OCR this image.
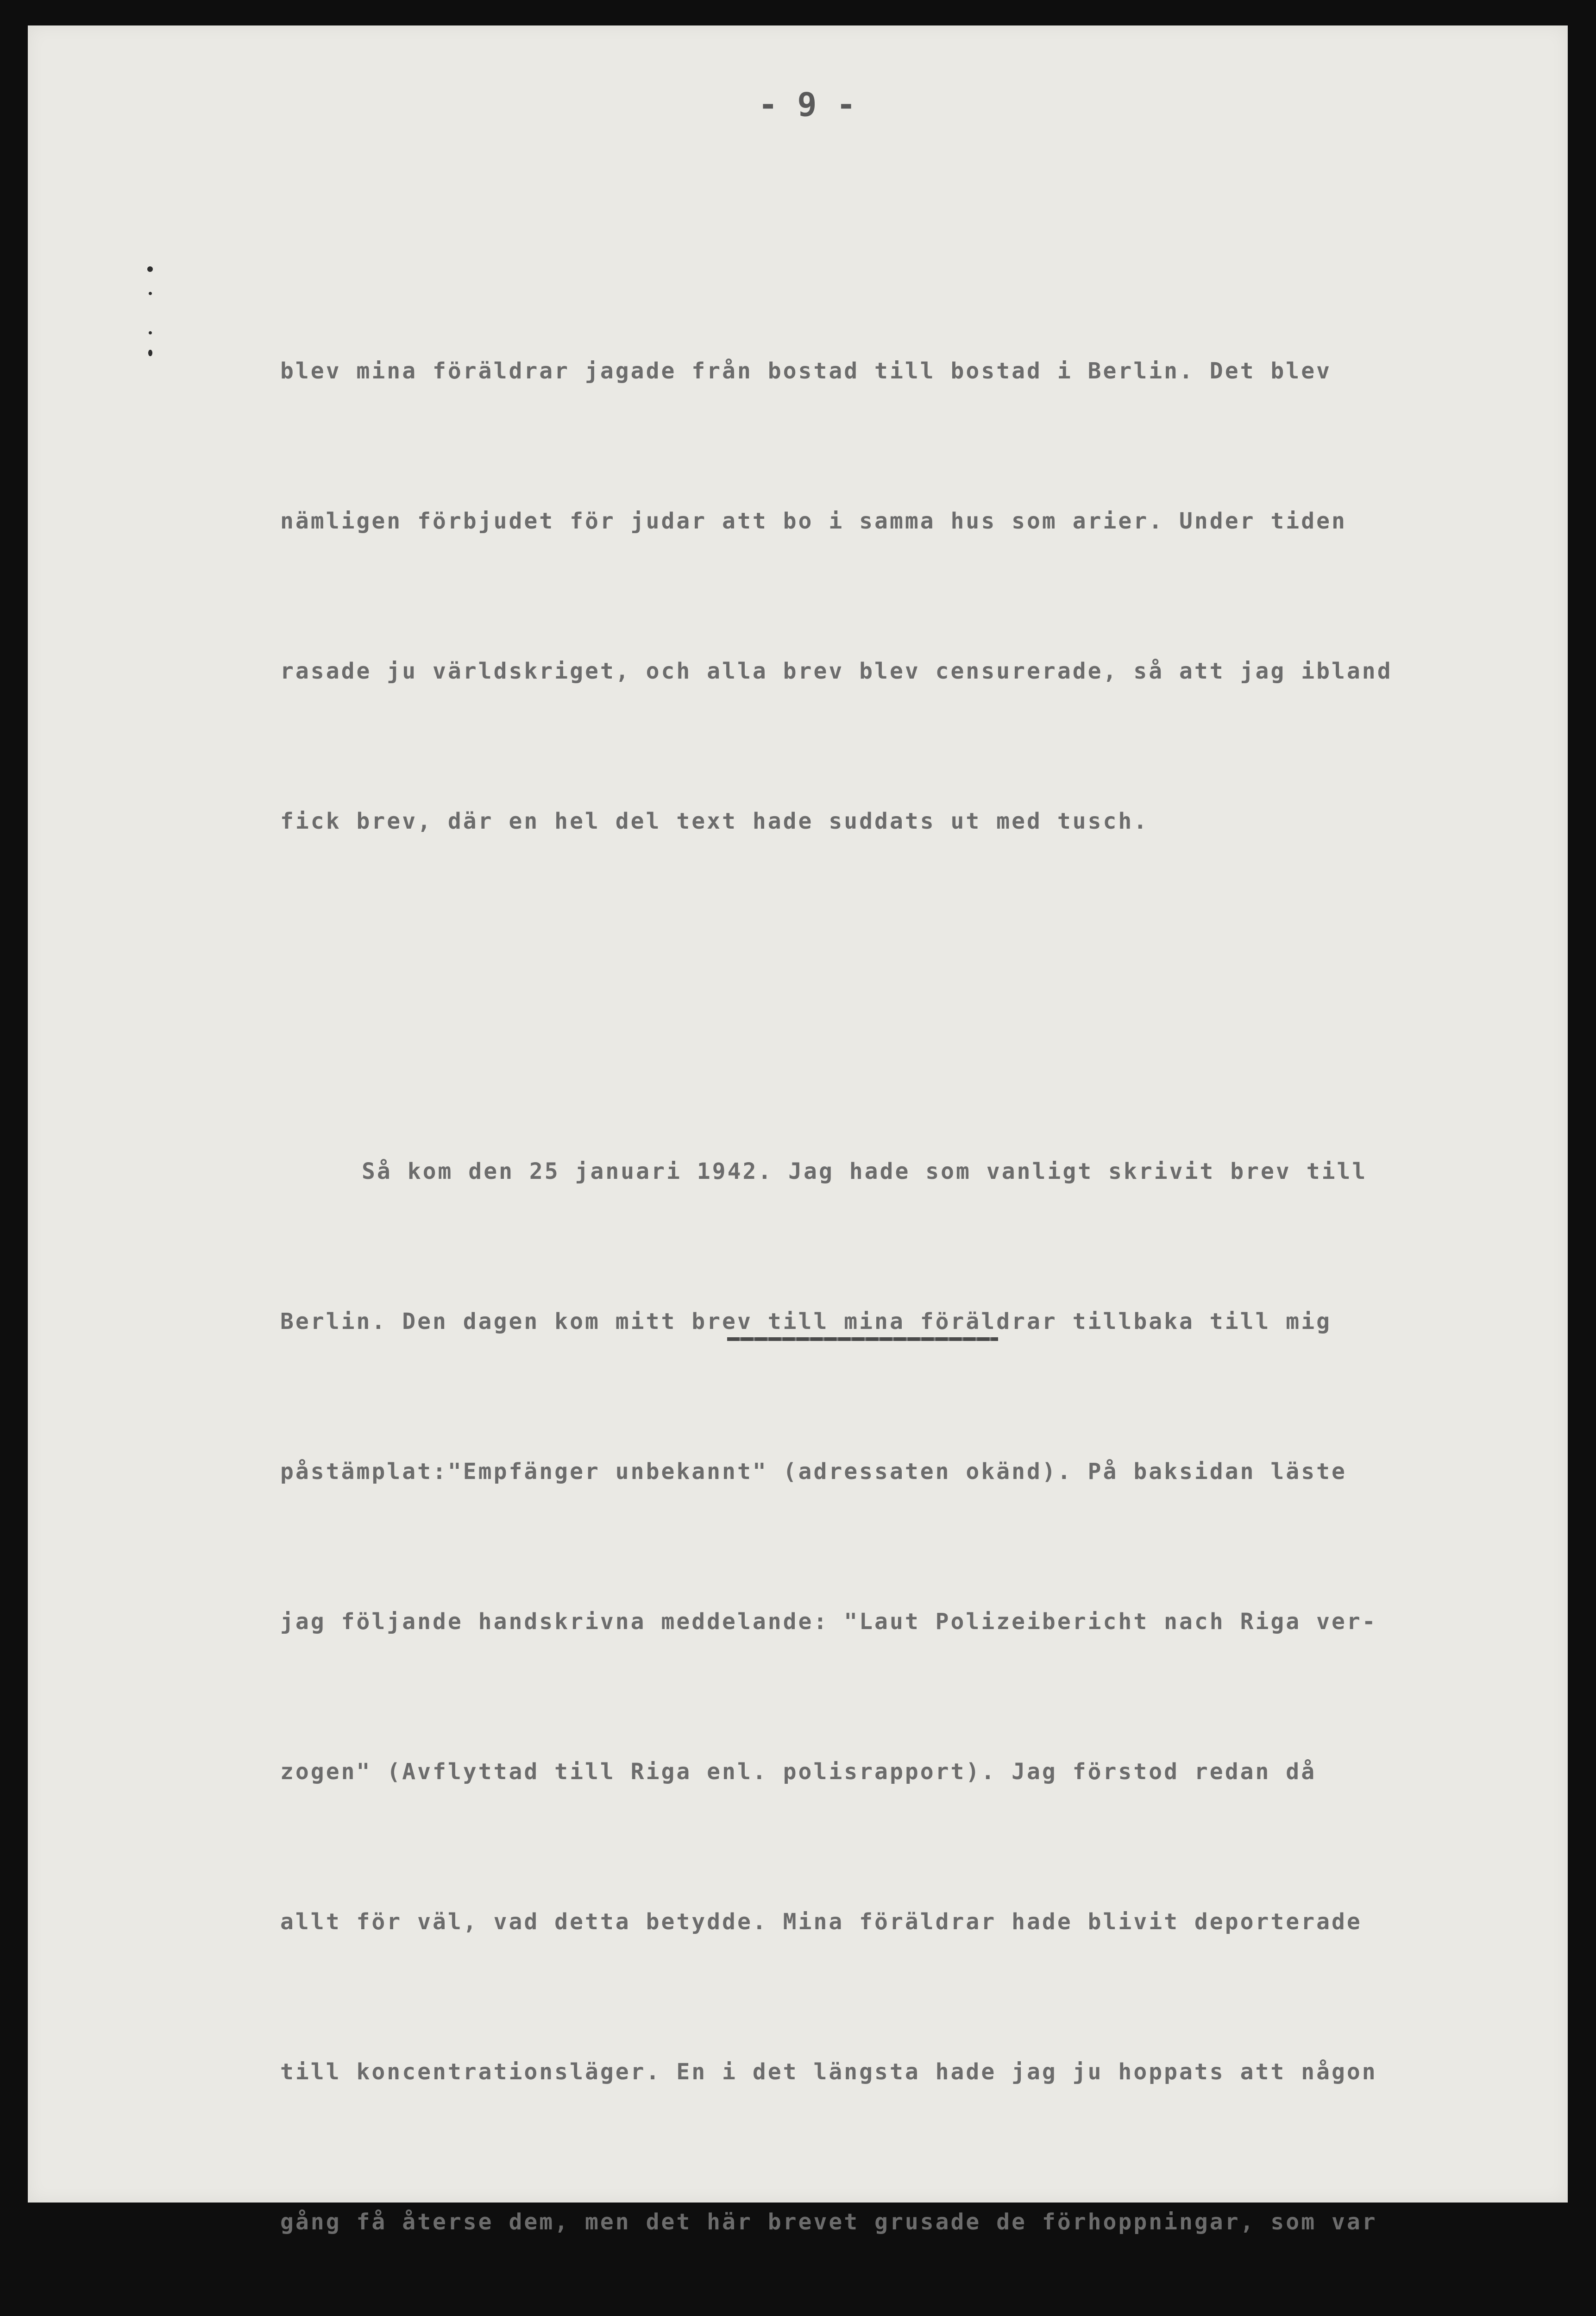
- 9 -

blev mina föräldrar jagade från bostad till bostad i Berlin. Det blev

nämligen förbjudet för judar att bo i samma hus som arier. Under tiden

rasade ju världskriget, och alla brev blev censurerade, så att jag ibland

fick brev, där en hel del text hade suddats ut med tusch.

Så kom den 25 januari 1942. Jag hade som vanligt skrivit brev till

Berlin. Den dagen kom mitt brev till mina föräldrar tillbaka till mig

påstämplat:"Empfänger unbekannt" (adressaten okänd). På baksidan läste

jag följande handskrivna meddelande: "Laut Polizeibericht nach Riga ver-

zogen" (Avflyttad till Riga enl. polisrapport). Jag förstod redan då

allt för väl, vad detta betydde. Mina föräldrar hade blivit deporterade

till koncentrationsläger. En i det längsta hade jag ju hoppats att någon

gång få återse dem, men det här brevet grusade de förhoppningar, som var
